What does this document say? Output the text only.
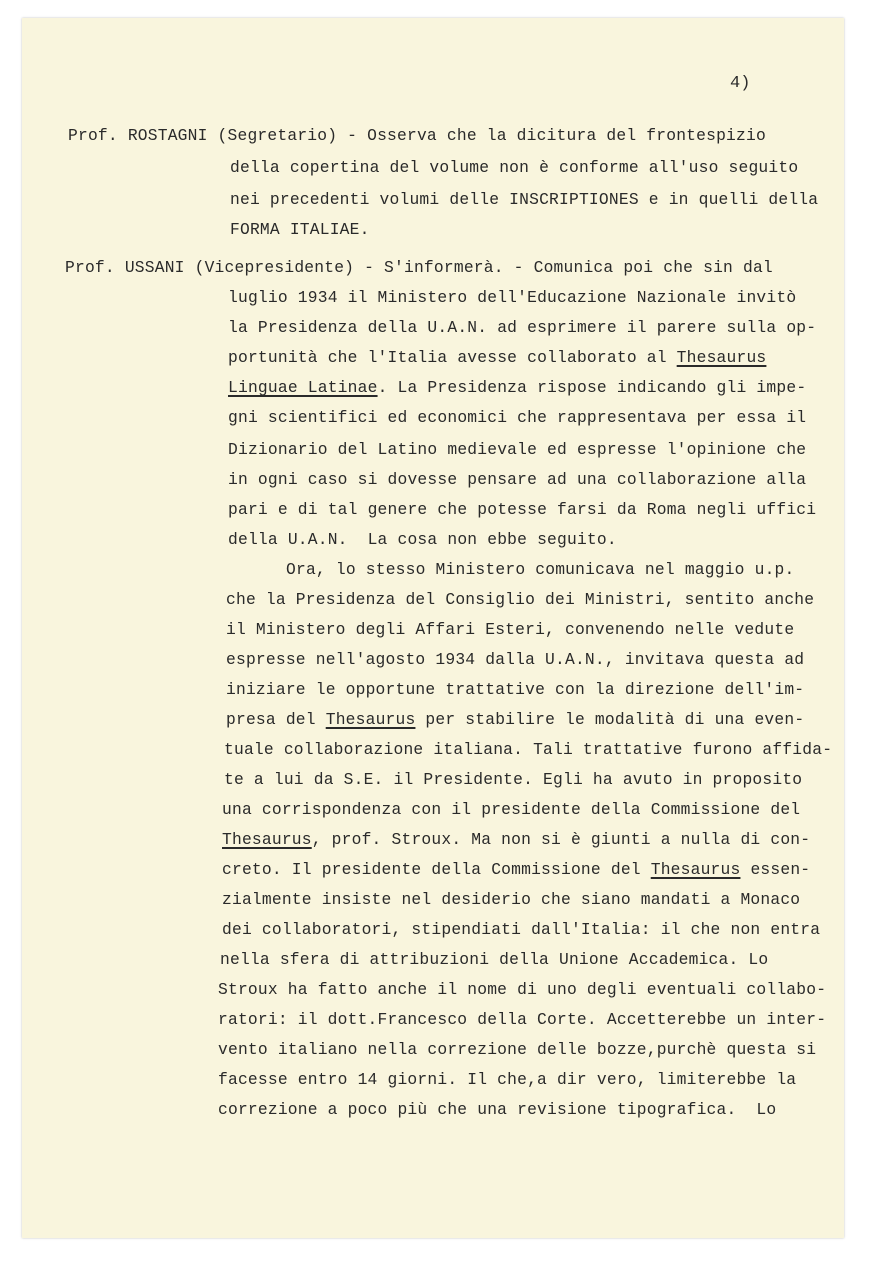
4)
Prof. ROSTAGNI (Segretario) - Osserva che la dicitura del frontespizio
della copertina del volume non è conforme all'uso seguito
nei precedenti volumi delle INSCRIPTIONES e in quelli della
FORMA ITALIAE.
Prof. USSANI (Vicepresidente) - S'informerà. - Comunica poi che sin dal
luglio 1934 il Ministero dell'Educazione Nazionale invitò
la Presidenza della U.A.N. ad esprimere il parere sulla op-
portunità che l'Italia avesse collaborato al Thesaurus
Linguae Latinae. La Presidenza rispose indicando gli impe-
gni scientifici ed economici che rappresentava per essa il
Dizionario del Latino medievale ed espresse l'opinione che
in ogni caso si dovesse pensare ad una collaborazione alla
pari e di tal genere che potesse farsi da Roma negli uffici
della U.A.N.  La cosa non ebbe seguito.
Ora, lo stesso Ministero comunicava nel maggio u.p.
che la Presidenza del Consiglio dei Ministri, sentito anche
il Ministero degli Affari Esteri, convenendo nelle vedute
espresse nell'agosto 1934 dalla U.A.N., invitava questa ad
iniziare le opportune trattative con la direzione dell'im-
presa del Thesaurus per stabilire le modalità di una even-
tuale collaborazione italiana. Tali trattative furono affida-
te a lui da S.E. il Presidente. Egli ha avuto in proposito
una corrispondenza con il presidente della Commissione del
Thesaurus, prof. Stroux. Ma non si è giunti a nulla di con-
creto. Il presidente della Commissione del Thesaurus essen-
zialmente insiste nel desiderio che siano mandati a Monaco
dei collaboratori, stipendiati dall'Italia: il che non entra
nella sfera di attribuzioni della Unione Accademica. Lo
Stroux ha fatto anche il nome di uno degli eventuali collabo-
ratori: il dott.Francesco della Corte. Accetterebbe un inter-
vento italiano nella correzione delle bozze,purchè questa si
facesse entro 14 giorni. Il che,a dir vero, limiterebbe la
correzione a poco più che una revisione tipografica.  Lo
